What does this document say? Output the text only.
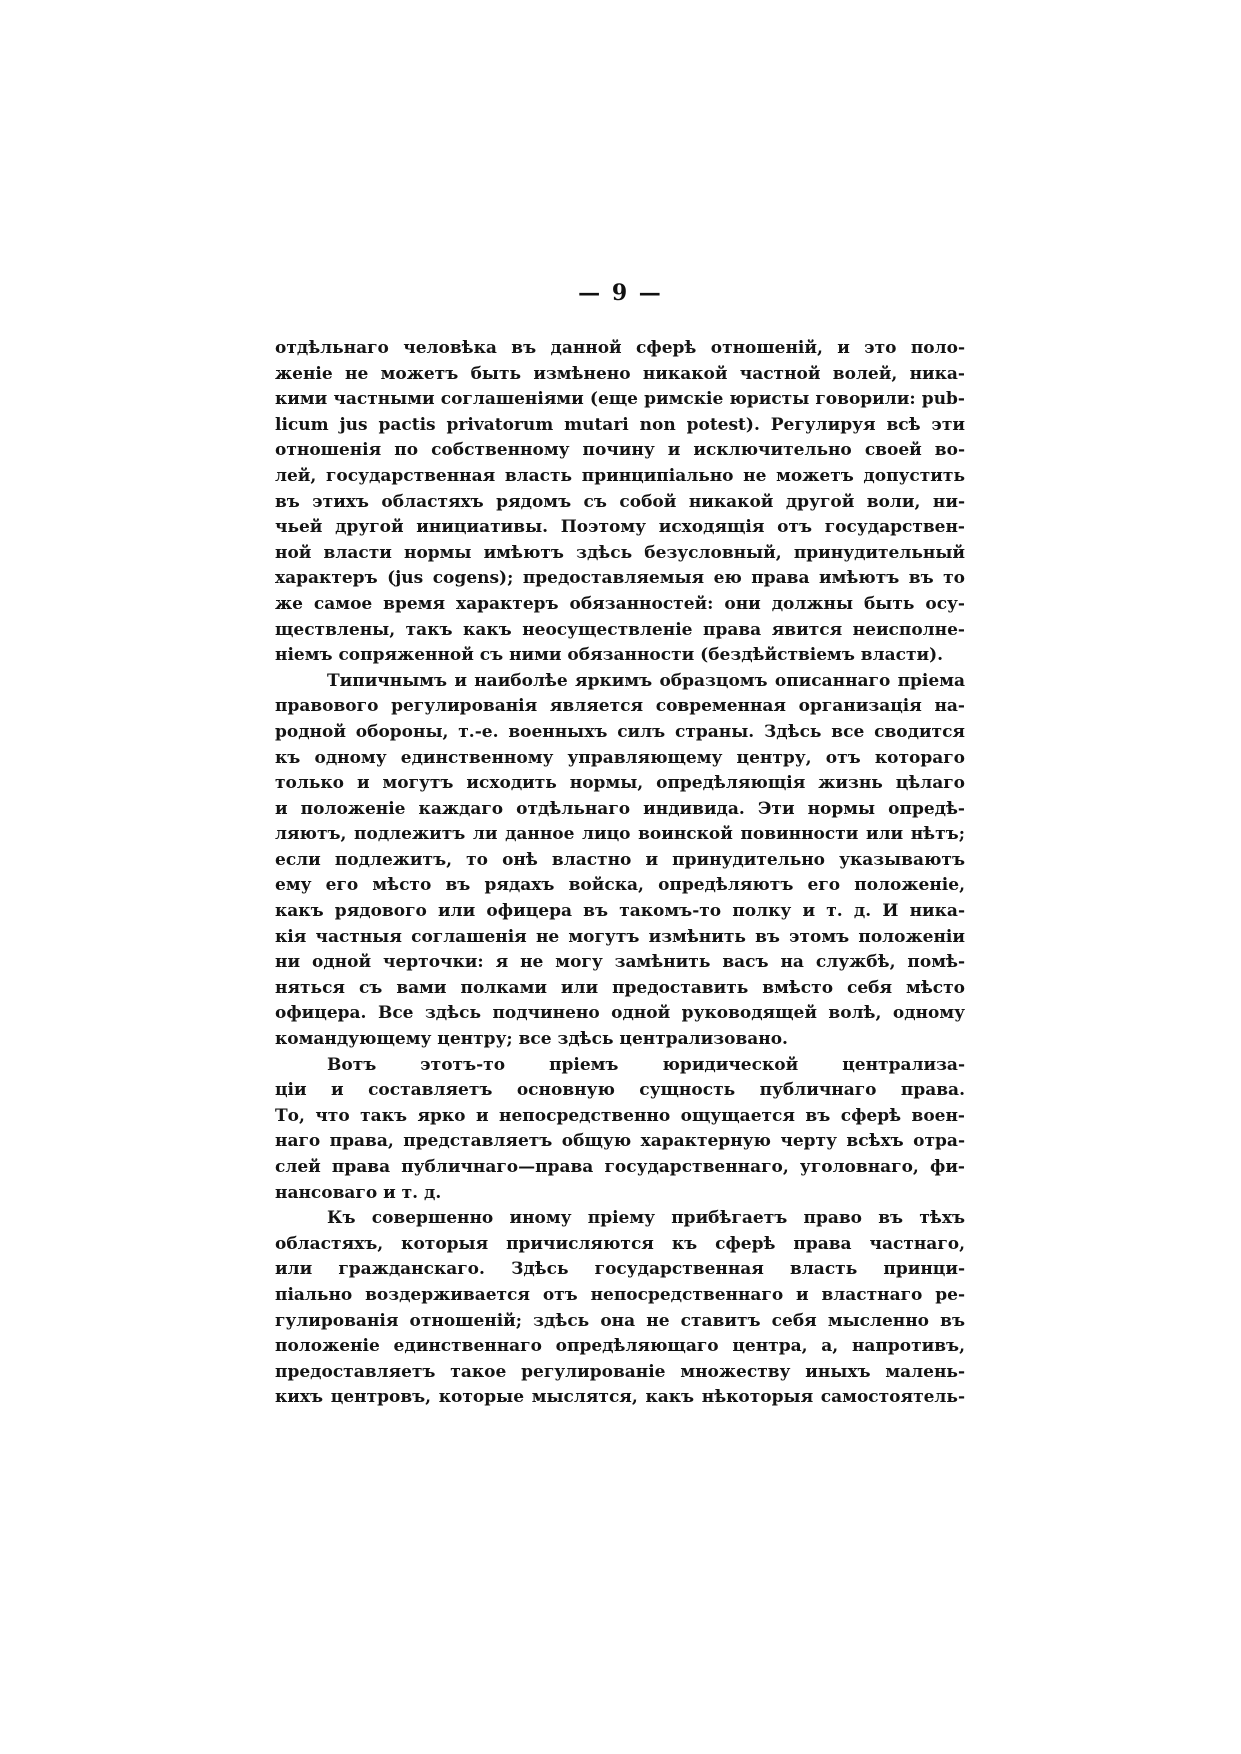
— 9 —
отдѣльнаго человѣка въ данной сферѣ отношеній, и это поло-
женіе не можетъ быть измѣнено никакой частной волей, ника-
кими частными соглашеніями (еще римскіе юристы говорили: pub-
licum jus pactis privatorum mutari non potest). Регулируя всѣ эти
отношенія по собственному почину и исключительно своей во-
лей, государственная власть принципіально не можетъ допустить
въ этихъ областяхъ рядомъ съ собой никакой другой воли, ни-
чьей другой инициативы. Поэтому исходящія отъ государствен-
ной власти нормы имѣютъ здѣсь безусловный, принудительный
характеръ (jus cogens); предоставляемыя ею права имѣютъ въ то
же самое время характеръ обязанностей: они должны быть осу-
ществлены, такъ какъ неосуществленіе права явится неисполне-
ніемъ сопряженной съ ними обязанности (бездѣйствіемъ власти).
Типичнымъ и наиболѣе яркимъ образцомъ описаннаго пріема
правового регулированія является современная организація на-
родной обороны, т.-е. военныхъ силъ страны. Здѣсь все сводится
къ одному единственному управляющему центру, отъ котораго
только и могутъ исходить нормы, опредѣляющія жизнь цѣлаго
и положеніе каждаго отдѣльнаго индивида. Эти нормы опредѣ-
ляютъ, подлежитъ ли данное лицо воинской повинности или нѣтъ;
если подлежитъ, то онѣ властно и принудительно указываютъ
ему его мѣсто въ рядахъ войска, опредѣляютъ его положеніе,
какъ рядового или офицера въ такомъ-то полку и т. д. И ника-
кія частныя соглашенія не могутъ измѣнить въ этомъ положеніи
ни одной черточки: я не могу замѣнить васъ на службѣ, помѣ-
няться съ вами полками или предоставить вмѣсто себя мѣсто
офицера. Все здѣсь подчинено одной руководящей волѣ, одному
командующему центру; все здѣсь централизовано.
Вотъ этотъ-то пріемъ юридической централиза-
ціи и составляетъ основную сущность публичнаго права.
То, что такъ ярко и непосредственно ощущается въ сферѣ воен-
наго права, представляетъ общую характерную черту всѣхъ отра-
слей права публичнаго—права государственнаго, уголовнаго, фи-
нансоваго и т. д.
Къ совершенно иному пріему прибѣгаетъ право въ тѣхъ
областяхъ, которыя причисляются къ сферѣ права частнаго,
или гражданскаго. Здѣсь государственная власть принци-
піально воздерживается отъ непосредственнаго и властнаго ре-
гулированія отношеній; здѣсь она не ставитъ себя мысленно въ
положеніе единственнаго опредѣляющаго центра, а, напротивъ,
предоставляетъ такое регулированіе множеству иныхъ малень-
кихъ центровъ, которые мыслятся, какъ нѣкоторыя самостоятель-
